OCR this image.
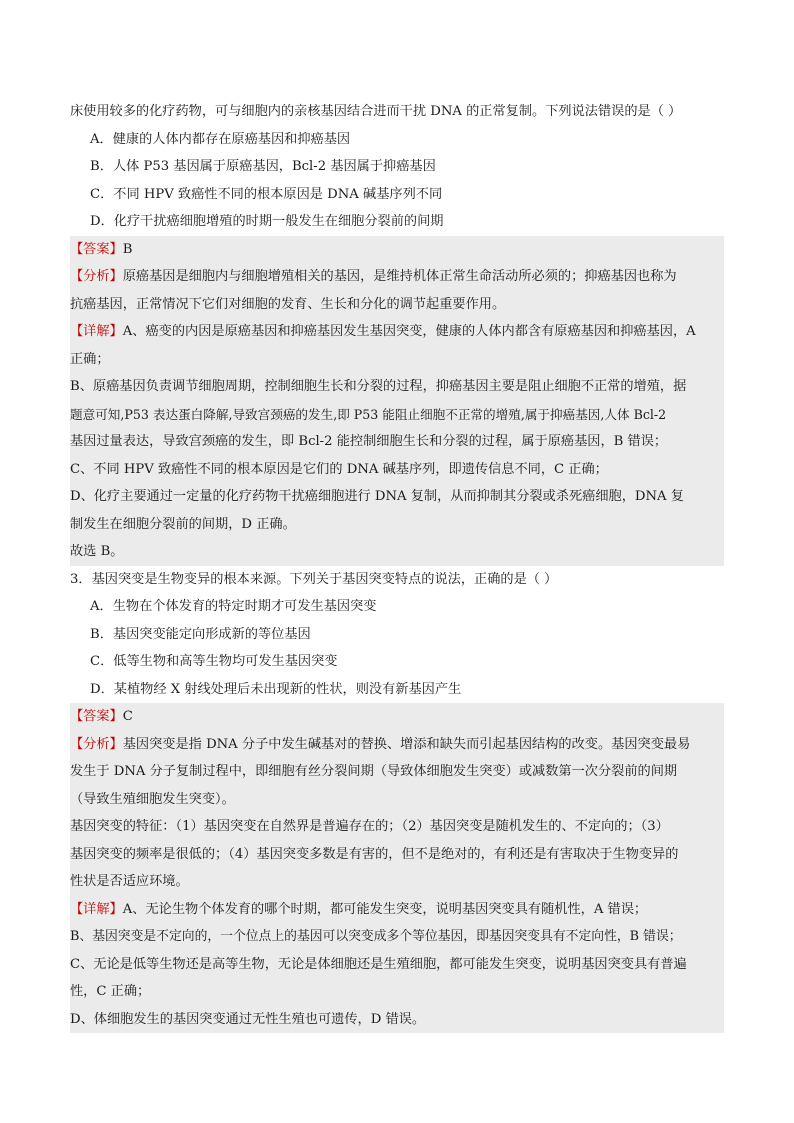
床使用较多的化疗药物，可与细胞内的亲核基因结合进而干扰 DNA 的正常复制。下列说法错误的是（ ）
A．健康的人体内都存在原癌基因和抑癌基因
B．人体 P53 基因属于原癌基因，Bcl-2 基因属于抑癌基因
C．不同 HPV 致癌性不同的根本原因是 DNA 碱基序列不同
D．化疗干扰癌细胞增殖的时期一般发生在细胞分裂前的间期
【答案】B
【分析】原癌基因是细胞内与细胞增殖相关的基因，是维持机体正常生命活动所必须的；抑癌基因也称为
抗癌基因，正常情况下它们对细胞的发育、生长和分化的调节起重要作用。
【详解】A、癌变的内因是原癌基因和抑癌基因发生基因突变，健康的人体内都含有原癌基因和抑癌基因，A
正确；
B、原癌基因负责调节细胞周期，控制细胞生长和分裂的过程，抑癌基因主要是阻止细胞不正常的增殖，据
题意可知,P53 表达蛋白降解,导致宫颈癌的发生,即 P53 能阻止细胞不正常的增殖,属于抑癌基因,人体 Bcl-2
基因过量表达，导致宫颈癌的发生，即 Bcl-2 能控制细胞生长和分裂的过程，属于原癌基因，B 错误；
C、不同 HPV 致癌性不同的根本原因是它们的 DNA 碱基序列，即遗传信息不同，C 正确；
D、化疗主要通过一定量的化疗药物干扰癌细胞进行 DNA 复制，从而抑制其分裂或杀死癌细胞，DNA 复
制发生在细胞分裂前的间期，D 正确。
故选 B。
3．基因突变是生物变异的根本来源。下列关于基因突变特点的说法，正确的是（ ）
A．生物在个体发育的特定时期才可发生基因突变
B．基因突变能定向形成新的等位基因
C．低等生物和高等生物均可发生基因突变
D．某植物经 X 射线处理后未出现新的性状，则没有新基因产生
【答案】C
【分析】基因突变是指 DNA 分子中发生碱基对的替换、增添和缺失而引起基因结构的改变。基因突变最易
发生于 DNA 分子复制过程中，即细胞有丝分裂间期（导致体细胞发生突变）或减数第一次分裂前的间期
（导致生殖细胞发生突变）。
基因突变的特征：（1）基因突变在自然界是普遍存在的；（2）基因突变是随机发生的、不定向的；（3）
基因突变的频率是很低的；（4）基因突变多数是有害的，但不是绝对的，有利还是有害取决于生物变异的
性状是否适应环境。
【详解】A、无论生物个体发育的哪个时期，都可能发生突变，说明基因突变具有随机性，A 错误；
B、基因突变是不定向的，一个位点上的基因可以突变成多个等位基因，即基因突变具有不定向性，B 错误；
C、无论是低等生物还是高等生物，无论是体细胞还是生殖细胞，都可能发生突变，说明基因突变具有普遍
性，C 正确；
D、体细胞发生的基因突变通过无性生殖也可遗传，D 错误。
